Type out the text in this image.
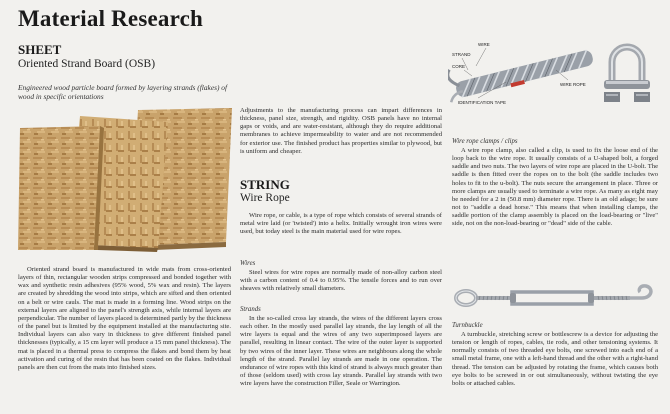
Material Research
SHEET
Oriented Strand Board (OSB)
Engineered wood particle board formed by layering strands (flakes) of wood in specific orientations
Oriented strand board is manufactured in wide mats from cross-oriented layers of thin, rectangular wooden strips compressed and bonded together with wax and synthetic resin adhesives (95% wood, 5% wax and resin). The layers are created by shredding the wood into strips, which are sifted and then oriented on a belt or wire cauls. The mat is made in a forming line. Wood strips on the external layers are aligned to the panel's strength axis, while internal layers are perpendicular. The number of layers placed is determined partly by the thickness of the panel but is limited by the equipment installed at the manufacturing site. Individual layers can also vary in thickness to give different finished panel thicknesses (typically, a 15 cm layer will produce a 15 mm panel thickness). The mat is placed in a thermal press to compress the flakes and bond them by heat activation and curing of the resin that has been coated on the flakes. Individual panels are then cut from the mats into finished sizes.
Adjustments to the manufacturing process can impart differences in thickness, panel size, strength, and rigidity. OSB panels have no internal gaps or voids, and are water-resistant, although they do require additional membranes to achieve impermeability to water and are not recommended for exterior use. The finished product has properties similar to plywood, but is uniform and cheaper.
STRING
Wire Rope
Wire rope, or cable, is a type of rope which consists of several strands of metal wire laid (or 'twisted') into a helix. Initially wrought iron wires were used, but today steel is the main material used for wire ropes.
Wires
Steel wires for wire ropes are normally made of non-alloy carbon steel with a carbon content of 0.4 to 0.95%. The tensile forces and to run over sheaves with relatively small diameters.
Strands
In the so-called cross lay strands, the wires of the different layers cross each other. In the mostly used parallel lay strands, the lay length of all the wire layers is equal and the wires of any two superimposed layers are parallel, resulting in linear contact. The wire of the outer layer is supported by two wires of the inner layer. These wires are neighbours along the whole length of the strand. Parallel lay strands are made in one operation. The endurance of wire ropes with this kind of strand is always much greater than of those (seldom used) with cross lay strands. Parallel lay strands with two wire layers have the construction Filler, Seale or Warrington.
WIRE
STRAND
CORE
WIRE ROPE
IDENTIFICATION TAPE
Wire rope clamps / clips
A wire rope clamp, also called a clip, is used to fix the loose end of the loop back to the wire rope. It usually consists of a U-shaped bolt, a forged saddle and two nuts. The two layers of wire rope are placed in the U-bolt. The saddle is then fitted over the ropes on to the bolt (the saddle includes two holes to fit to the u-bolt). The nuts secure the arrangement in place. Three or more clamps are usually used to terminate a wire rope. As many as eight may be needed for a 2 in (50.8 mm) diameter rope. There is an old adage; be sure not to "saddle a dead horse." This means that when installing clamps, the saddle portion of the clamp assembly is placed on the load-bearing or "live" side, not on the non-load-bearing or "dead" side of the cable.
Turnbuckle
A turnbuckle, stretching screw or bottlescrew is a device for adjusting the tension or length of ropes, cables, tie rods, and other tensioning systems. It normally consists of two threaded eye bolts, one screwed into each end of a small metal frame, one with a left-hand thread and the other with a right-hand thread. The tension can be adjusted by rotating the frame, which causes both eye bolts to be screwed in or out simultaneously, without twisting the eye bolts or attached cables.
